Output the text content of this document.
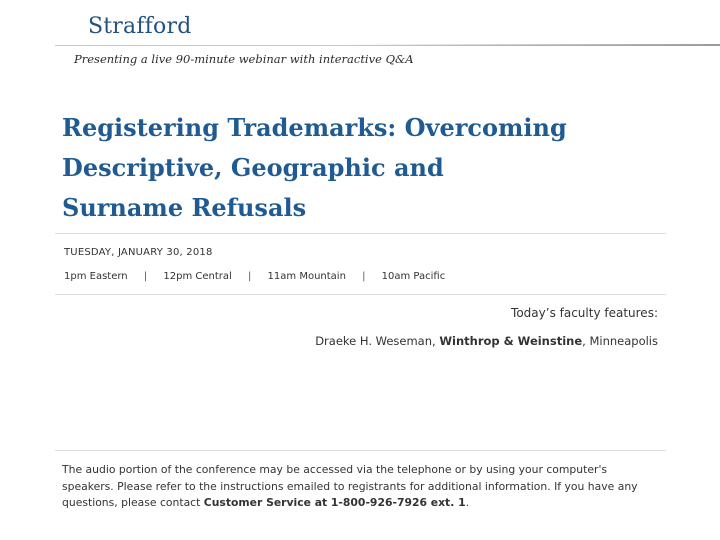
Strafford
Presenting a live 90-minute webinar with interactive Q&A
Registering Trademarks: Overcoming
Descriptive, Geographic and
Surname Refusals
TUESDAY, JANUARY 30, 2018
1pm Eastern | 12pm Central | 11am Mountain | 10am Pacific
Today’s faculty features:
Draeke H. Weseman, Winthrop & Weinstine, Minneapolis
The audio portion of the conference may be accessed via the telephone or by using your computer's speakers. Please refer to the instructions emailed to registrants for additional information. If you have any questions, please contact Customer Service at 1-800-926-7926 ext. 1.
